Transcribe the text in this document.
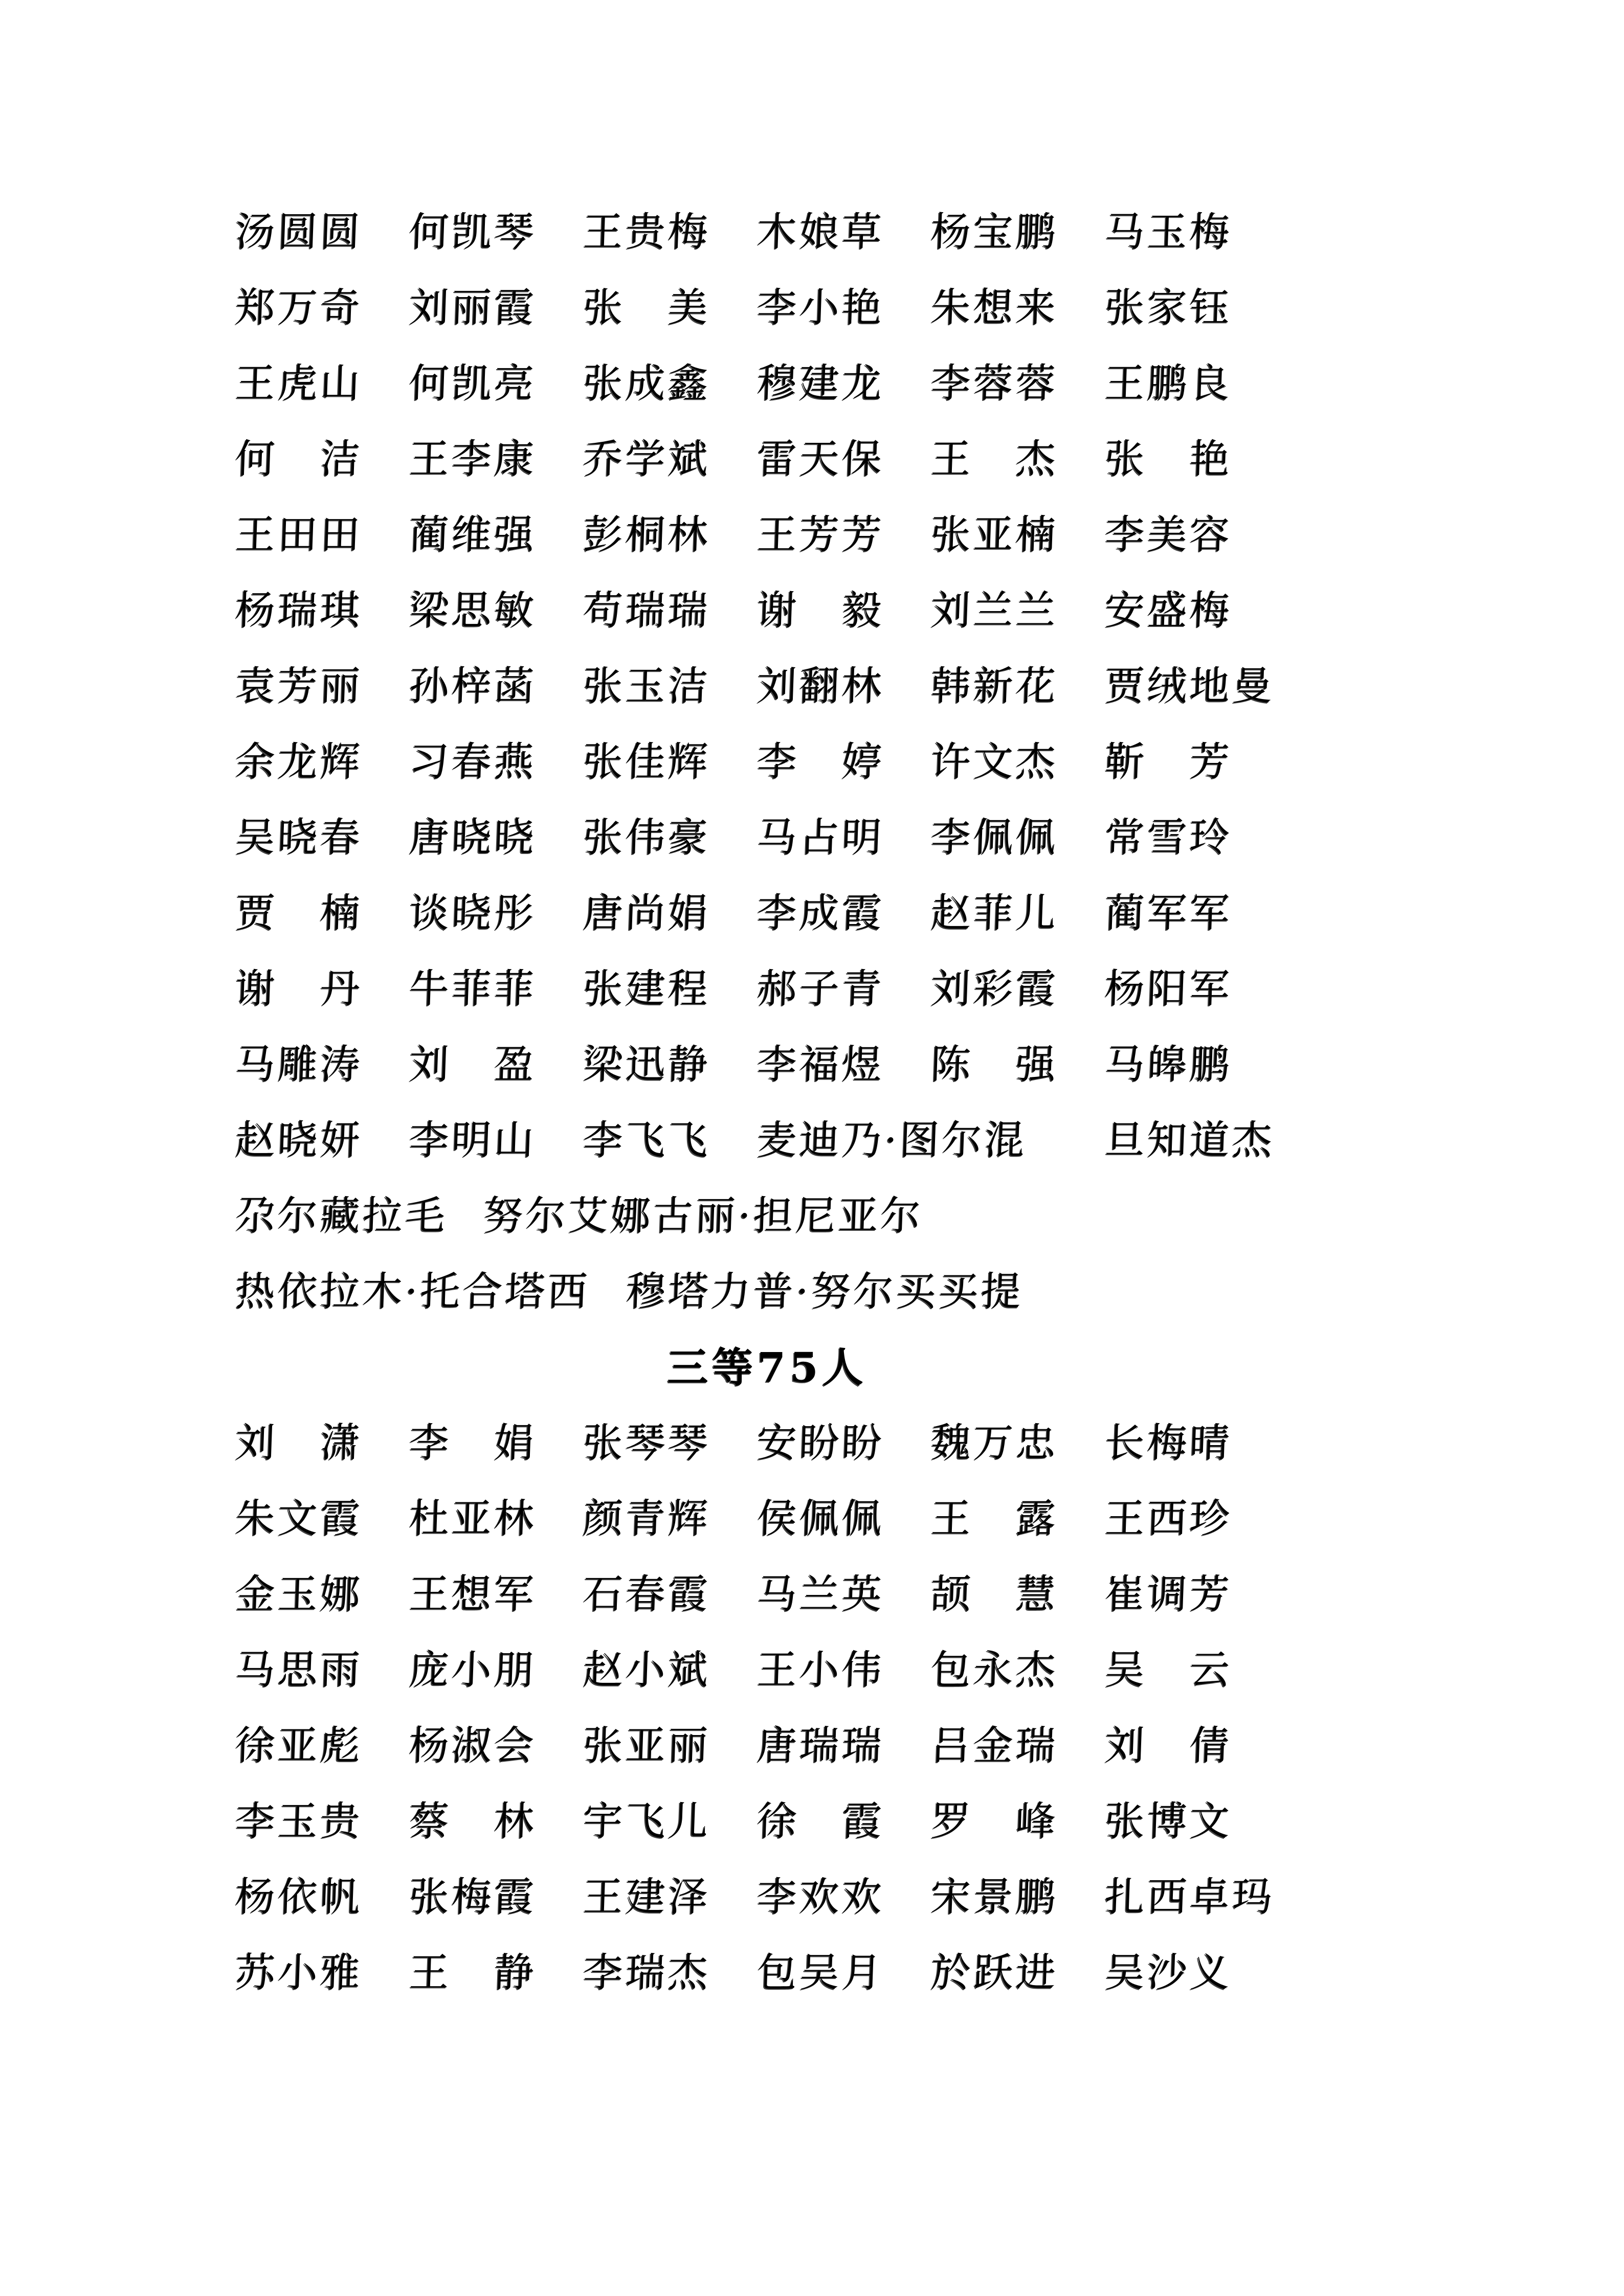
汤圆圆 何凯琴 王贵梅 木娘草 杨宝鹏 马玉梅
郑万奇 刘丽霞 张　美 李小艳 朱想来 张家钰
王虎山 何凯亮 张成鑫 穆建龙 李蓉蓉 王鹏良
何　洁 王李康 乔学斌 雷天保 王　杰 张　艳
王田田 蔺维强 彭桐林 王芳芳 张亚楠 李美容
杨瑞琪 梁思敏 苟瑞瑞 谢　毅 刘兰兰 安盛梅
袁芳丽 孙梓菡 张玉洁 刘翻林 韩新花 贾绒地曼
余龙辉 习春燕 张佳辉 李　婷 许文杰 靳　芳
吴晓春 唐晓晓 张伟豪 马占明 李佩佩 常雪玲
贾　楠 谈晓彤 唐尚娟 李成霞 赵菲儿 蔺军军
谢　丹 牛菲菲 张建程 郝子青 刘彩霞 杨阳军
马雕涛 刘　盈 梁迅静 李福煜 陈　强 马皞鹏
赵晓妍 李明山 李飞飞 麦迪乃·图尔混	旦知道杰
尕尔藏拉毛 努尔艾娜古丽·担尼亚尔
热依拉木·托合塔西 穆塔力普·努尔买买提
三等75人
刘　潇 李　娟 张琴琴 安盼盼 魏万忠 长梅晴
朱文霞 杜亚林 颜青辉 侯佩佩 王　露 王西珍
金玉娜 王想军 石春霞 马兰英 颉　慧 崔调芳
马思雨 庞小朋 赵小斌 王小伟 包永杰 吴　云
徐亚彪 杨淑会 张亚丽 唐瑞瑞 吕金瑞 刘　倩
李玉贵 蔡　林 宇飞儿 徐　霞 罗　峰 张博文
杨依帆 张梅霞 王建泽 李欢欢 宋景鹏 扎西卓玛
苏小雅 王　静 李瑞杰 包吴月 於跃进 吴沙义
